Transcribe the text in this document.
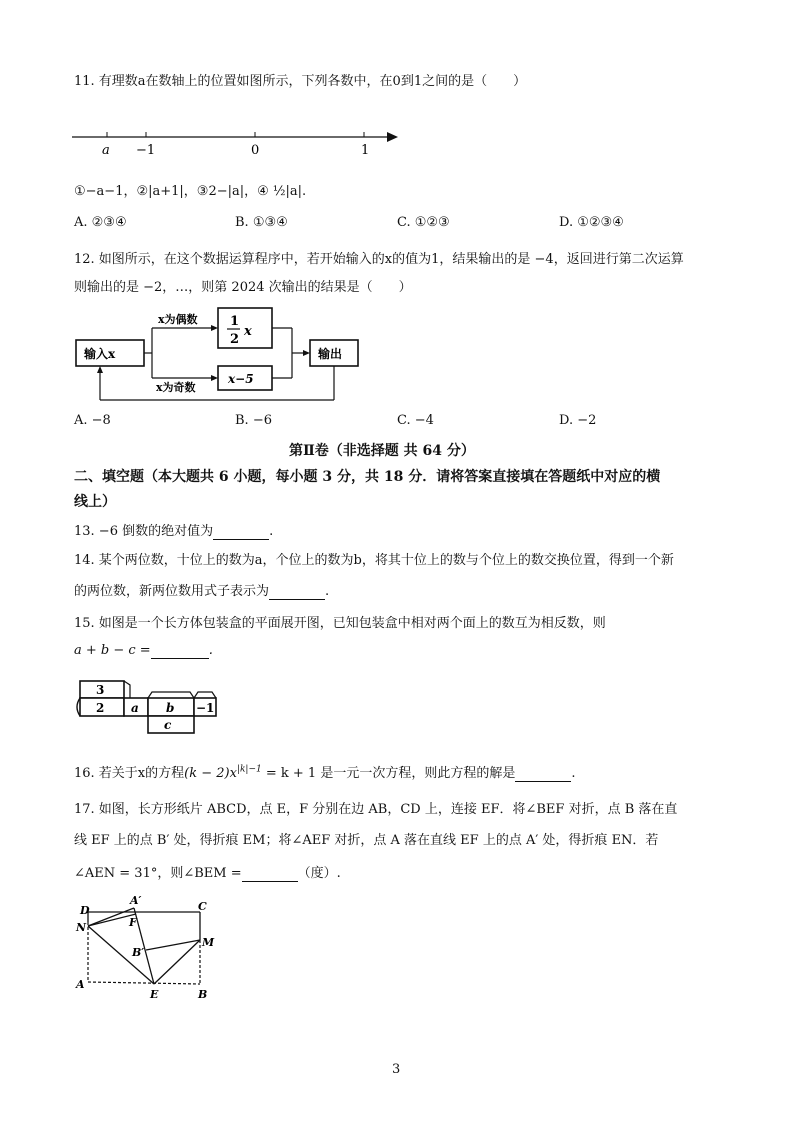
11. 有理数a在数轴上的位置如图所示，下列各数中，在0到1之间的是（　　）
a −1	0	1
①−a−1，②|a+1|，③2−|a|，④ ½|a|.
A. ②③④	B. ①③④	C. ①②③	D. ①②③④
12. 如图所示，在这个数据运算程序中，若开始输入的x的值为1，结果输出的是 −4，返回进行第二次运算
则输出的是 −2，…，则第 2024 次输出的结果是（　　）
输入x
1
2
x
x−5
输出
x为偶数
x为奇数
A. −8	B. −6	C. −4	D. −2
第Ⅱ卷（非选择题 共 64 分）
二、填空题（本大题共 6 小题，每小题 3 分，共 18 分．请将答案直接填在答题纸中对应的横
线上）
13. −6 倒数的绝对值为	.
14. 某个两位数，十位上的数为a，个位上的数为b，将其十位上的数与个位上的数交换位置，得到一个新
的两位数，新两位数用式子表示为	.
15. 如图是一个长方体包装盒的平面展开图，已知包装盒中相对两个面上的数互为相反数，则
a + b − c =	.
3
2 a b −1
c
16. 若关于x的方程$(k - 2)x^{|k|-1} = k + 1$ 是一元一次方程，则此方程的解是	.
17. 如图，长方形纸片 ABCD，点 E，F 分别在边 AB，CD 上，连接 EF．将∠BEF 对折，点 B 落在直
线 EF 上的点 B′ 处，得折痕 EM；将∠AEF 对折，点 A 落在直线 EF 上的点 A′ 处，得折痕 EN．若
∠AEN = 31°，则∠BEM =	（度）.
D
A′	C
N	F
B′
M
A
E	B
3
